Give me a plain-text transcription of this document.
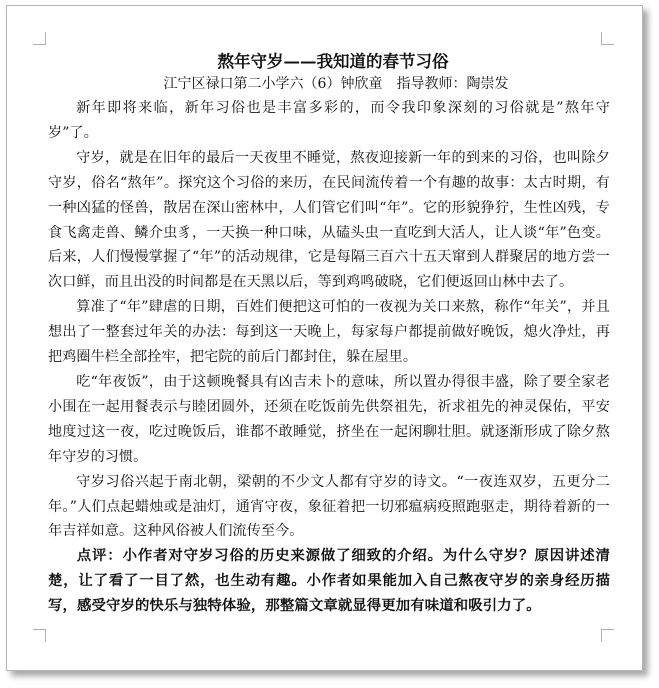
熬年守岁——我知道的春节习俗

江宁区禄口第二小学六（6）钟欣童　指导教师：陶崇发

新年即将来临，新年习俗也是丰富多彩的，而令我印象深刻的习俗就是”熬年守岁”了。

守岁，就是在旧年的最后一天夜里不睡觉，熬夜迎接新一年的到来的习俗，也叫除夕守岁，俗名“熬年”。探究这个习俗的来历，在民间流传着一个有趣的故事：太古时期，有一种凶猛的怪兽，散居在深山密林中，人们管它们叫“年”。它的形貌狰狞，生性凶残，专食飞禽走兽、鳞介虫豸，一天换一种口味，从磕头虫一直吃到大活人，让人谈“年”色变。后来，人们慢慢掌握了“年”的活动规律，它是每隔三百六十五天窜到人群聚居的地方尝一次口鲜，而且出没的时间都是在天黑以后，等到鸡鸣破晓，它们便返回山林中去了。

算准了“年”肆虐的日期，百姓们便把这可怕的一夜视为关口来熬，称作“年关”，并且想出了一整套过年关的办法：每到这一天晚上，每家每户都提前做好晚饭，熄火净灶，再把鸡圈牛栏全部拴牢，把宅院的前后门都封住，躲在屋里。

吃“年夜饭”，由于这顿晚餐具有凶吉未卜的意味，所以置办得很丰盛，除了要全家老小围在一起用餐表示与睦团圆外，还须在吃饭前先供祭祖先，祈求祖先的神灵保佑，平安地度过这一夜，吃过晚饭后，谁都不敢睡觉，挤坐在一起闲聊壮胆。就逐渐形成了除夕熬年守岁的习惯。

守岁习俗兴起于南北朝，梁朝的不少文人都有守岁的诗文。“一夜连双岁，五更分二年。”人们点起蜡烛或是油灯，通宵守夜，象征着把一切邪瘟病疫照跑驱走，期待着新的一年吉祥如意。这种风俗被人们流传至今。

点评：小作者对守岁习俗的历史来源做了细致的介绍。为什么守岁？原因讲述清楚，让了看了一目了然，也生动有趣。小作者如果能加入自己熬夜守岁的亲身经历描写，感受守岁的快乐与独特体验，那整篇文章就显得更加有味道和吸引力了。
